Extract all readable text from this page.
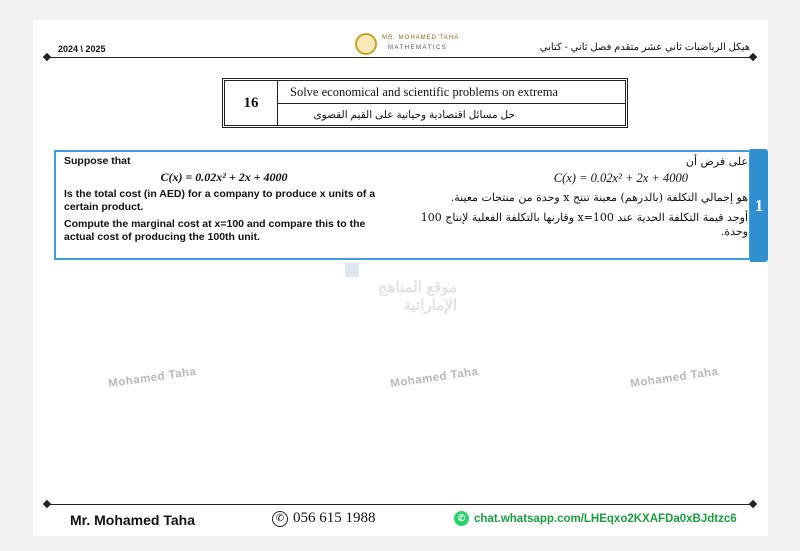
2024 \ 2025
MR. MOHAMED TAHA
MATHEMATICS	هيكل الرياضيات ثاني عشر متقدم فصل ثاني - كتابي
16
Solve economical and scientific problems on extrema
حل مسائل اقتصادية وحياتية على القيم القصوى
1

Suppose that

C(x) = 0.02x² + 2x + 4000

Is the total cost (in AED) for a company to produce x units of a certain product.

Compute the marginal cost at x=100 and compare this to the actual cost of producing the 100th unit.

على فرض أن

C(x) = 0.02x² + 2x + 4000

هو إجمالي التكلفة (بالدرهم) معينة تنتج x وحدة من منتجات معينة.

أوجد قيمة التكلفة الحدية عند x=100 وقارنها بالتكلفة الفعلية لإنتاج 100 وحدة.

موقع المناهج الإماراتية
Mohamed Taha	Mohamed Taha	Mohamed Taha
Mr. Mohamed Taha	✆ 056 615 1988	✆ chat.whatsapp.com/LHEqxo2KXAFDa0xBJdtzc6
